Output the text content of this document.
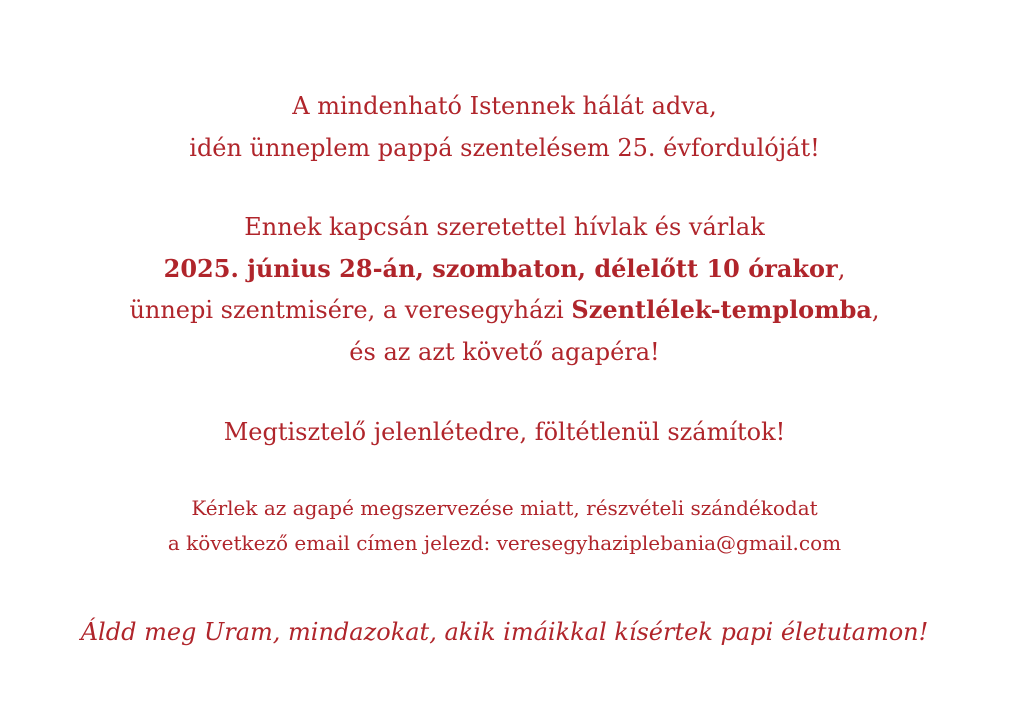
A mindenható Istennek hálát adva,
idén ünneplem pappá szentelésem 25. évfordulóját!
Ennek kapcsán szeretettel hívlak és várlak
2025. június 28-án, szombaton, délelőtt 10 órakor,
ünnepi szentmisére, a veresegyházi Szentlélek-templomba,
és az azt követő agapéra!
Megtisztelő jelenlétedre, föltétlenül számítok!
Kérlek az agapé megszervezése miatt, részvételi szándékodat
a következő email címen jelezd: veresegyhaziplebania@gmail.com
Áldd meg Uram, mindazokat, akik imáikkal kísértek papi életutamon!
